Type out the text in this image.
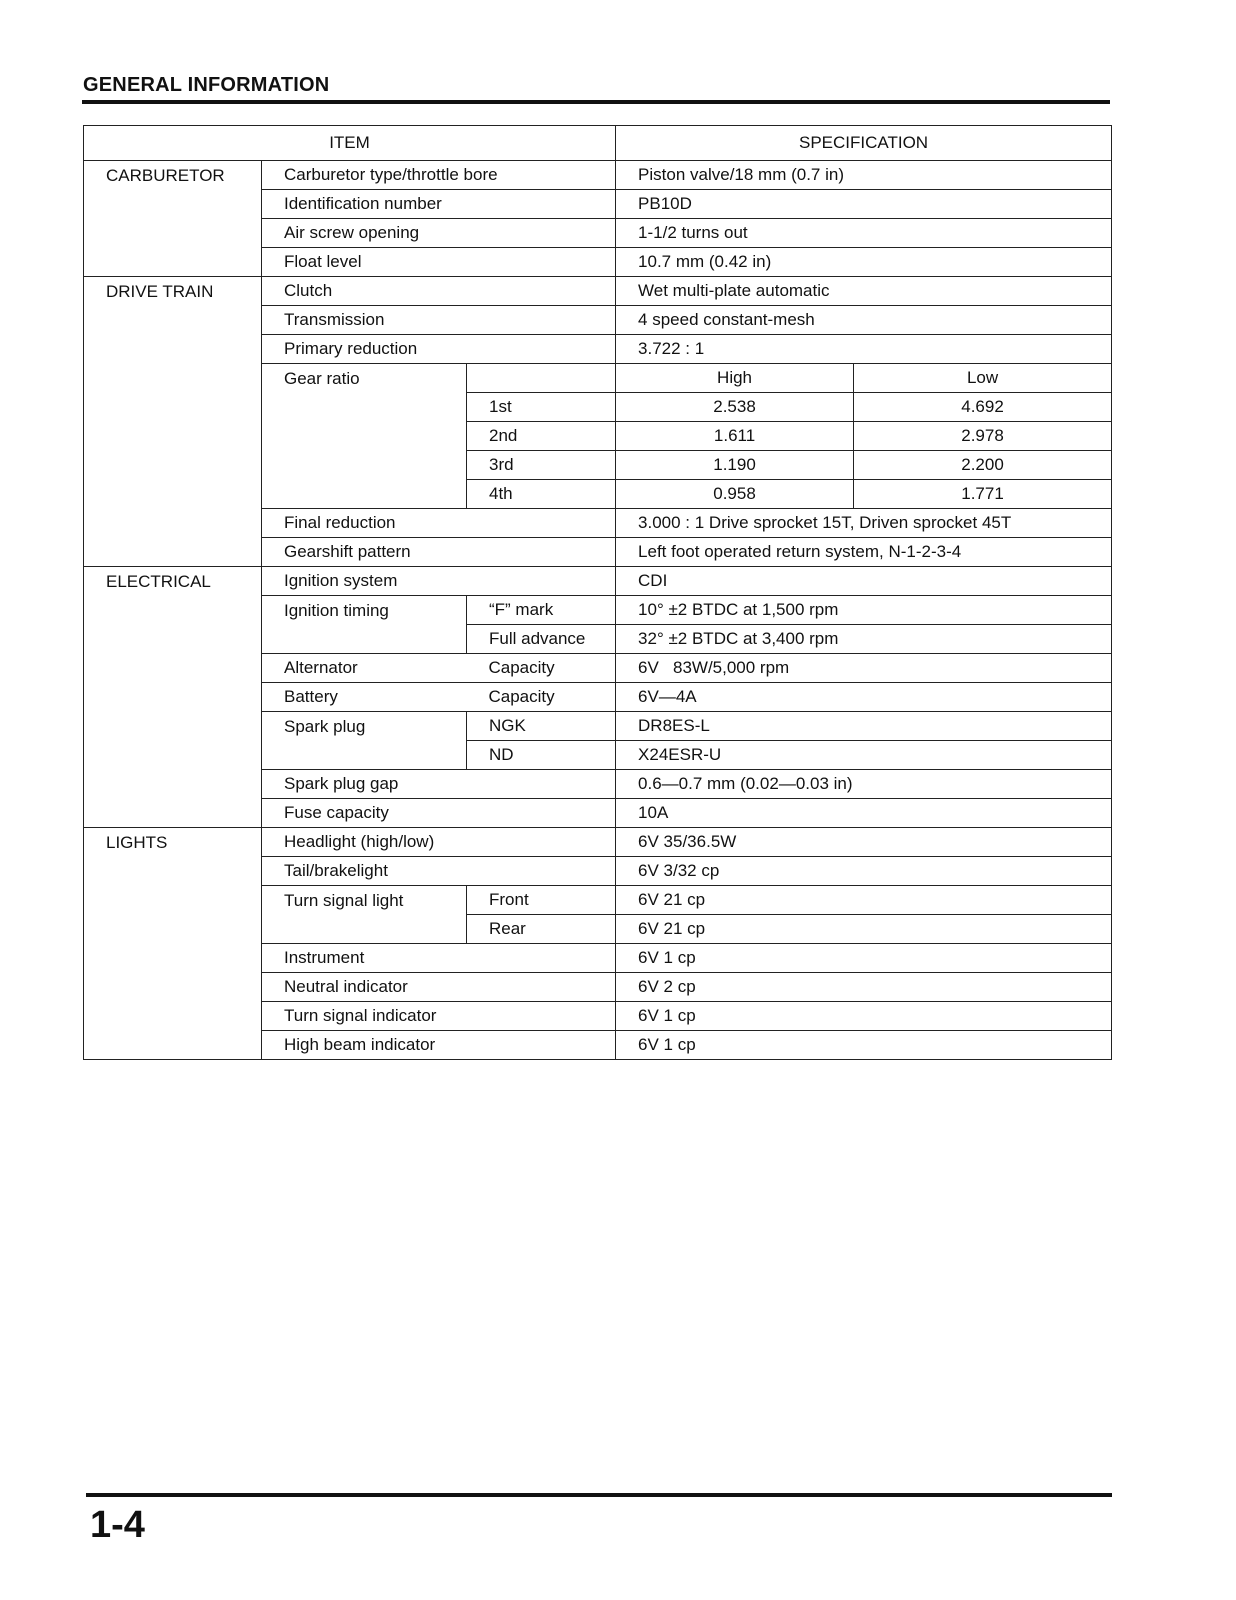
GENERAL INFORMATION
ITEM			SPECIFICATION	
CARBURETOR	Carburetor type/throttle bore		Piston valve/18 mm (0.7 in)	
	Identification number		PB10D	
	Air screw opening		1-1/2 turns out	
	Float level		10.7 mm (0.42 in)	
DRIVE TRAIN	Clutch		Wet multi-plate automatic	
	Transmission		4 speed constant-mesh	
	Primary reduction		3.722 : 1	
	Gear ratio		High	Low
		1st	2.538	4.692
		2nd	1.611	2.978
		3rd	1.190	2.200
		4th	0.958	1.771
	Final reduction		3.000 : 1 Drive sprocket 15T, Driven sprocket 45T	
	Gearshift pattern		Left foot operated return system, N-1-2-3-4	
ELECTRICAL	Ignition system		CDI	
	Ignition timing	“F” mark	10° ±2 BTDC at 1,500 rpm	
		Full advance	32° ±2 BTDC at 3,400 rpm	
	Alternator	Capacity	6V   83W/5,000 rpm	
	Battery	Capacity	6V—4A	
	Spark plug	NGK	DR8ES-L	
		ND	X24ESR-U	
	Spark plug gap		0.6—0.7 mm (0.02—0.03 in)	
	Fuse capacity		10A	
LIGHTS	Headlight (high/low)		6V 35/36.5W	
	Tail/brakelight		6V 3/32 cp	
	Turn signal light	Front	6V 21 cp	
		Rear	6V 21 cp	
	Instrument		6V 1 cp	
	Neutral indicator		6V 2 cp	
	Turn signal indicator		6V 1 cp	
	High beam indicator		6V 1 cp	
1-4
